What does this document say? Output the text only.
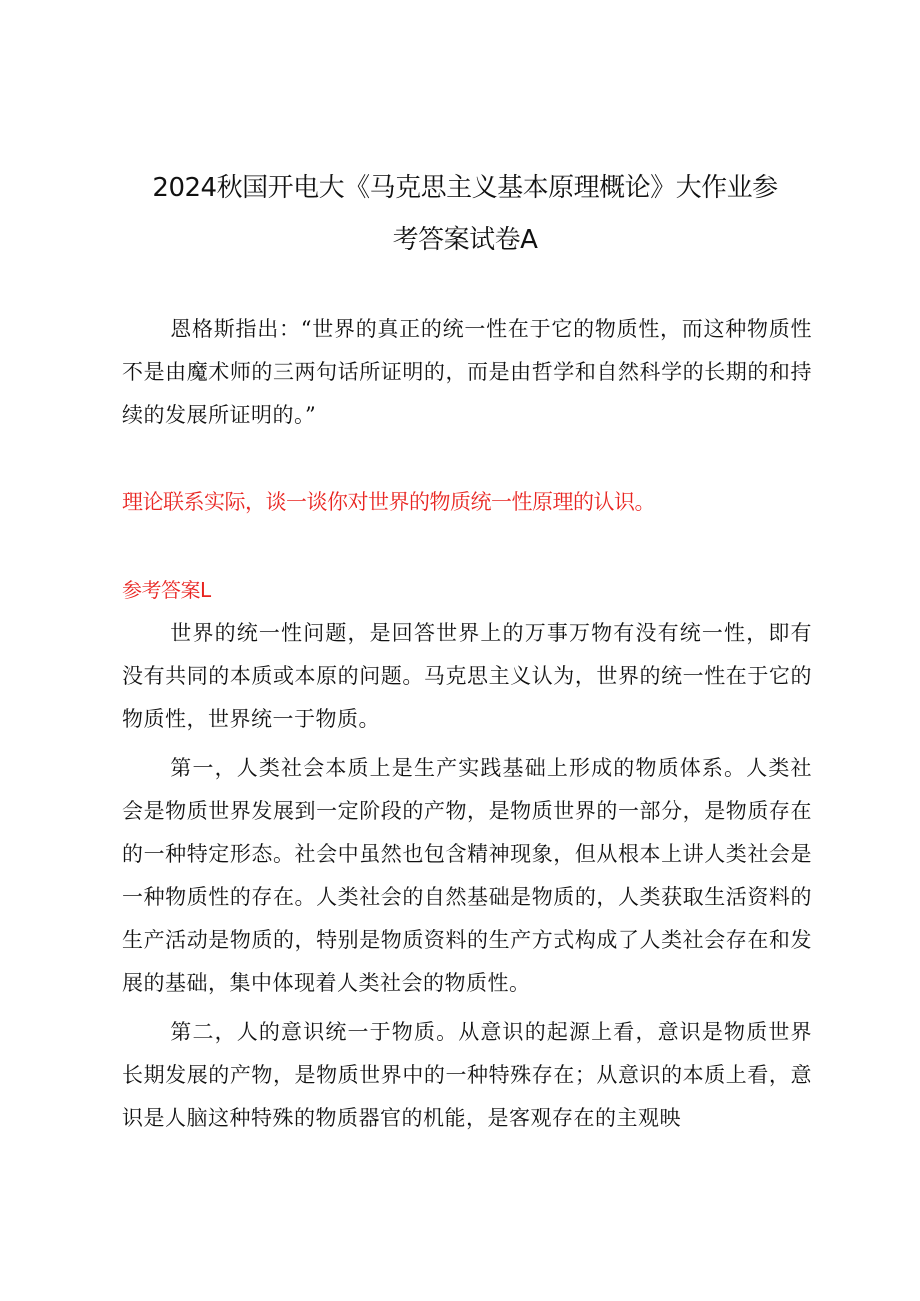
2024秋国开电大《马克思主义基本原理概论》大作业参
考答案试卷A

恩格斯指出：“世界的真正的统一性在于它的物质性，而这种物质性不是由魔术师的三两句话所证明的，而是由哲学和自然科学的长期的和持续的发展所证明的。”

理论联系实际，谈一谈你对世界的物质统一性原理的认识。
参考答案L

世界的统一性问题，是回答世界上的万事万物有没有统一性，即有没有共同的本质或本原的问题。马克思主义认为，世界的统一性在于它的物质性，世界统一于物质。

第一，人类社会本质上是生产实践基础上形成的物质体系。人类社会是物质世界发展到一定阶段的产物，是物质世界的一部分，是物质存在的一种特定形态。社会中虽然也包含精神现象，但从根本上讲人类社会是一种物质性的存在。人类社会的自然基础是物质的，人类获取生活资料的生产活动是物质的，特别是物质资料的生产方式构成了人类社会存在和发展的基础，集中体现着人类社会的物质性。

第二，人的意识统一于物质。从意识的起源上看，意识是物质世界长期发展的产物，是物质世界中的一种特殊存在；从意识的本质上看，意识是人脑这种特殊的物质器官的机能，是客观存在的主观映
